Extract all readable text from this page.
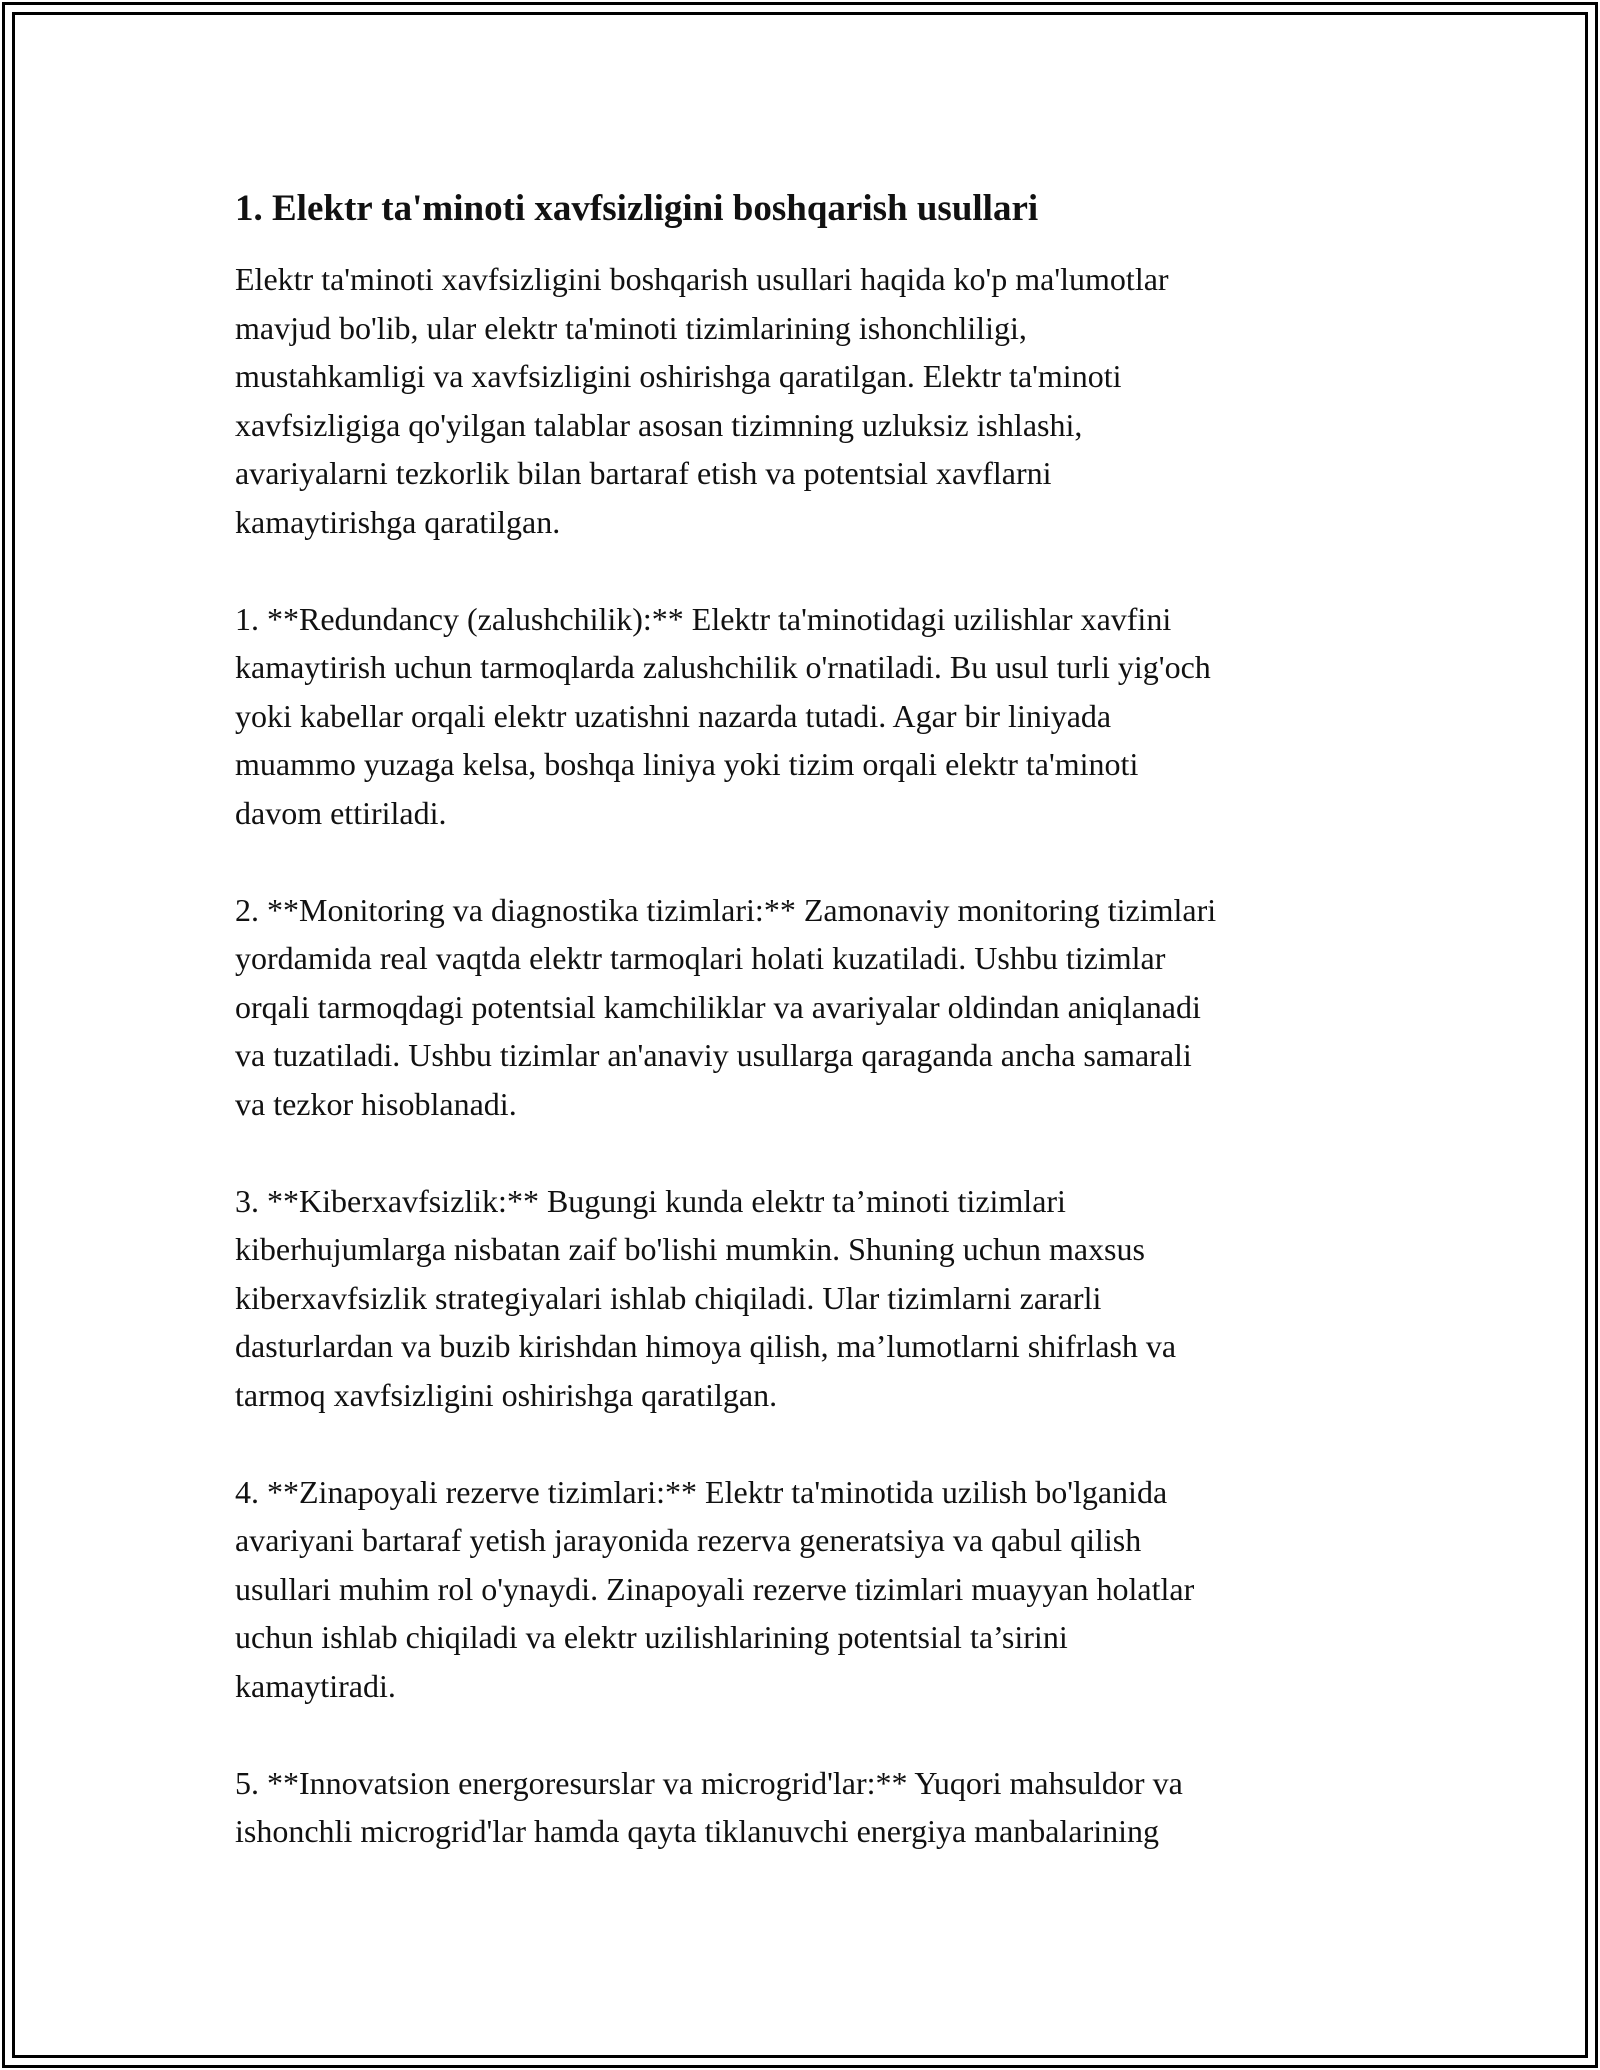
1. Elektr ta'minoti xavfsizligini boshqarish usullari

Elektr ta'minoti xavfsizligini boshqarish usullari haqida ko'p ma'lumotlar
mavjud bo'lib, ular elektr ta'minoti tizimlarining ishonchliligi,
mustahkamligi va xavfsizligini oshirishga qaratilgan. Elektr ta'minoti
xavfsizligiga qo'yilgan talablar asosan tizimning uzluksiz ishlashi,
avariyalarni tezkorlik bilan bartaraf etish va potentsial xavflarni
kamaytirishga qaratilgan.

1. **Redundancy (zalushchilik):** Elektr ta'minotidagi uzilishlar xavfini
kamaytirish uchun tarmoqlarda zalushchilik o'rnatiladi. Bu usul turli yig'och
yoki kabellar orqali elektr uzatishni nazarda tutadi. Agar bir liniyada
muammo yuzaga kelsa, boshqa liniya yoki tizim orqali elektr ta'minoti
davom ettiriladi.

2. **Monitoring va diagnostika tizimlari:** Zamonaviy monitoring tizimlari
yordamida real vaqtda elektr tarmoqlari holati kuzatiladi. Ushbu tizimlar
orqali tarmoqdagi potentsial kamchiliklar va avariyalar oldindan aniqlanadi
va tuzatiladi. Ushbu tizimlar an'anaviy usullarga qaraganda ancha samarali
va tezkor hisoblanadi.

3. **Kiberxavfsizlik:** Bugungi kunda elektr ta’minoti tizimlari
kiberhujumlarga nisbatan zaif bo'lishi mumkin. Shuning uchun maxsus
kiberxavfsizlik strategiyalari ishlab chiqiladi. Ular tizimlarni zararli
dasturlardan va buzib kirishdan himoya qilish, ma’lumotlarni shifrlash va
tarmoq xavfsizligini oshirishga qaratilgan.

4. **Zinapoyali rezerve tizimlari:** Elektr ta'minotida uzilish bo'lganida
avariyani bartaraf yetish jarayonida rezerva generatsiya va qabul qilish
usullari muhim rol o'ynaydi. Zinapoyali rezerve tizimlari muayyan holatlar
uchun ishlab chiqiladi va elektr uzilishlarining potentsial ta’sirini
kamaytiradi.

5. **Innovatsion energoresurslar va microgrid'lar:** Yuqori mahsuldor va
ishonchli microgrid'lar hamda qayta tiklanuvchi energiya manbalarining
